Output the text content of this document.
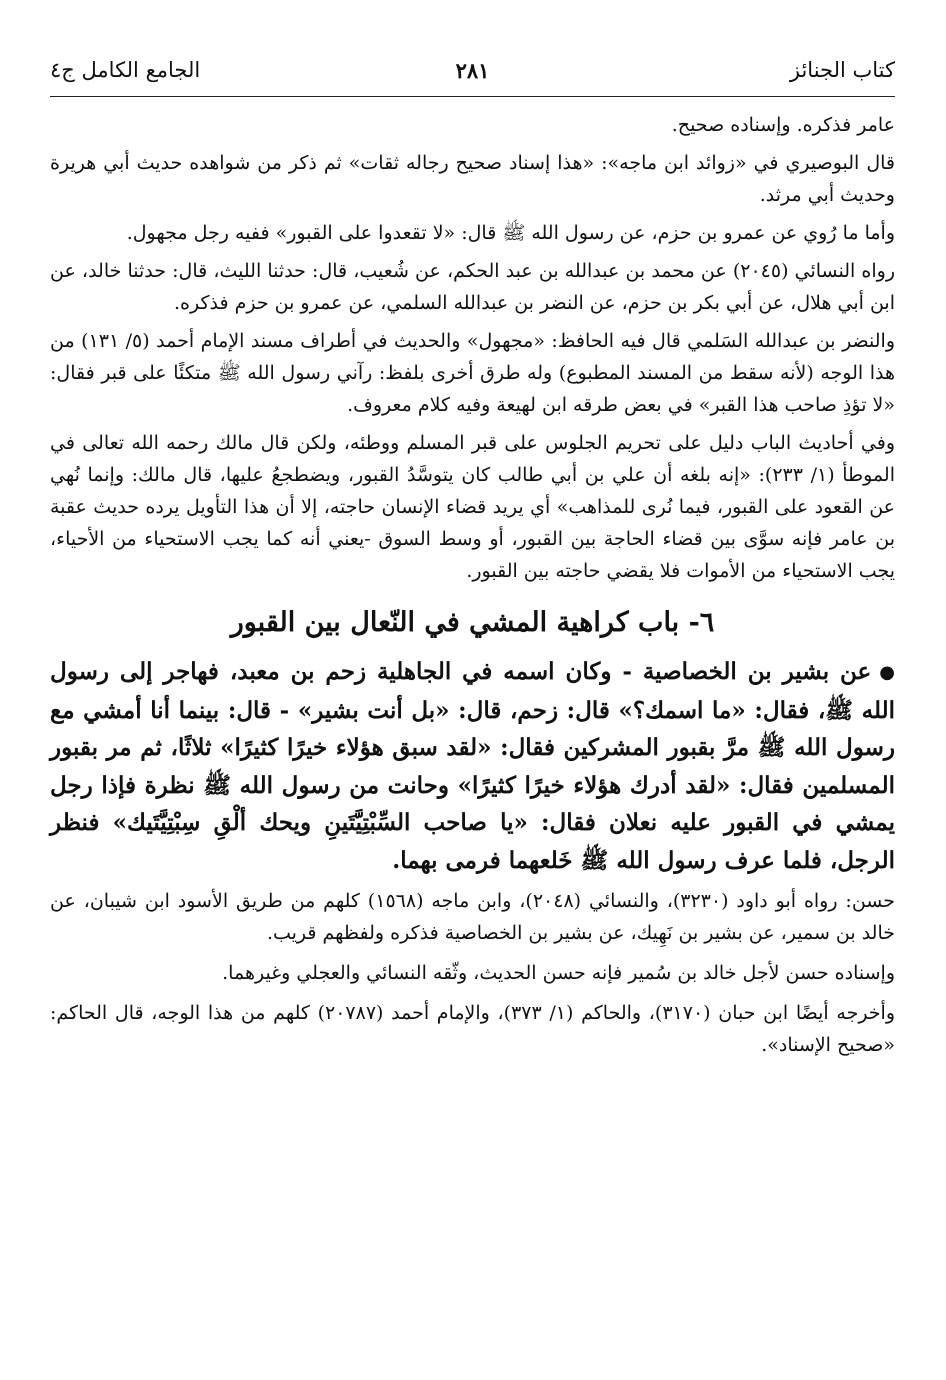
كتاب الجنائز
٢٨١
الجامع الكامل ج٤

عامر فذكره. وإسناده صحيح.

قال البوصيري في «زوائد ابن ماجه»: «هذا إسناد صحيح رجاله ثقات» ثم ذكر من شواهده حديث أبي هريرة وحديث أبي مرثد.

وأما ما رُوي عن عمرو بن حزم، عن رسول الله ﷺ قال: «لا تقعدوا على القبور» ففيه رجل مجهول.

رواه النسائي (٢٠٤٥) عن محمد بن عبدالله بن عبد الحكم، عن شُعيب، قال: حدثنا الليث، قال: حدثنا خالد، عن ابن أبي هلال، عن أبي بكر بن حزم، عن النضر بن عبدالله السلمي، عن عمرو بن حزم فذكره.

والنضر بن عبدالله السَلمي قال فيه الحافظ: «مجهول» والحديث في أطراف مسند الإمام أحمد (٥/ ١٣١) من هذا الوجه (لأنه سقط من المسند المطبوع) وله طرق أخرى بلفظ: رآني رسول الله ﷺ متكئًا على قبر فقال: «لا تؤذِ صاحب هذا القبر» في بعض طرقه ابن لهيعة وفيه كلام معروف.

وفي أحاديث الباب دليل على تحريم الجلوس على قبر المسلم ووطئه، ولكن قال مالك رحمه الله تعالى في الموطأ (١/ ٢٣٣): «إنه بلغه أن علي بن أبي طالب كان يتوسَّدُ القبور، ويضطجعُ عليها، قال مالك: وإنما نُهي عن القعود على القبور، فيما نُرى للمذاهب» أي يريد قضاء الإنسان حاجته، إلا أن هذا التأويل يرده حديث عقبة بن عامر فإنه سوَّى بين قضاء الحاجة بين القبور، أو وسط السوق -يعني أنه كما يجب الاستحياء من الأحياء، يجب الاستحياء من الأموات فلا يقضي حاجته بين القبور.

٦- باب كراهية المشي في النّعال بين القبور

●عن بشير بن الخصاصية - وكان اسمه في الجاهلية زحم بن معبد، فهاجر إلى رسول الله ﷺ، فقال: «ما اسمك؟» قال: زحم، قال: «بل أنت بشير» - قال: بينما أنا أمشي مع رسول الله ﷺ مرَّ بقبور المشركين فقال: «لقد سبق هؤلاء خيرًا كثيرًا» ثلاثًا، ثم مر بقبور المسلمين فقال: «لقد أدرك هؤلاء خيرًا كثيرًا» وحانت من رسول الله ﷺ نظرة فإذا رجل يمشي في القبور عليه نعلان فقال: «يا صاحب السِّبْتِيَّتَينِ ويحك ألْقِ سِبْتِيَّتَيك» فنظر الرجل، فلما عرف رسول الله ﷺ خَلعهما فرمى بهما.

حسن: رواه أبو داود (٣٢٣٠)، والنسائي (٢٠٤٨)، وابن ماجه (١٥٦٨) كلهم من طريق الأسود ابن شيبان، عن خالد بن سمير، عن بشير بن نَهِيك، عن بشير بن الخصاصية فذكره ولفظهم قريب.

وإسناده حسن لأجل خالد بن سُمير فإنه حسن الحديث، وثّقه النسائي والعجلي وغيرهما.

وأخرجه أيضًا ابن حبان (٣١٧٠)، والحاكم (١/ ٣٧٣)، والإمام أحمد (٢٠٧٨٧) كلهم من هذا الوجه، قال الحاكم: «صحيح الإسناد».
